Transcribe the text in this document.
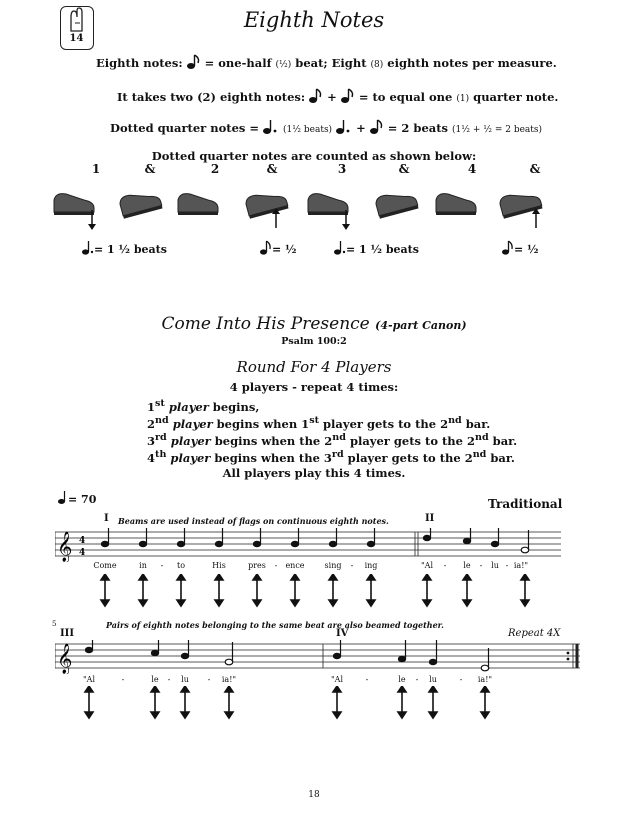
14
Eighth Notes
Eighth notes: = one-half (½) beat; Eight (8) eighth notes per measure.
It takes two (2) eighth notes: + = to equal one (1) quarter note.
Dotted quarter notes =	(1½ beats) + = 2 beats (1½ + ½ = 2 beats)
Dotted quarter notes are counted as shown below:
1	&	2	&	3	&	4	&
= 1 ½ beats	= ½	= 1 ½ beats	= ½
Come Into His Presence (4-part Canon)
Psalm 100:2
Round For 4 Players
4 players - repeat 4 times:
1st player begins,
2nd player begins when 1st player gets to the 2nd bar.
3rd player begins when the 2nd player gets to the 2nd bar.
4th player begins when the 3rd player gets to the 2nd bar.
All players play this 4 times.
= 70	Traditional
I Beams are used instead of flags on continuous eighth notes.	II
𝄞 4
4
Come	in	-	to	His	pres	-	ence	sing	-	ing	"Al	-	le	-	lu - ia!"
5
III
Pairs of eighth notes belonging to the same beat are also beamed together.
IV	Repeat 4X
𝄞
"Al	-	le	-	lu	-	ia!"	"Al	-	le	-	lu	-	ia!"
18
